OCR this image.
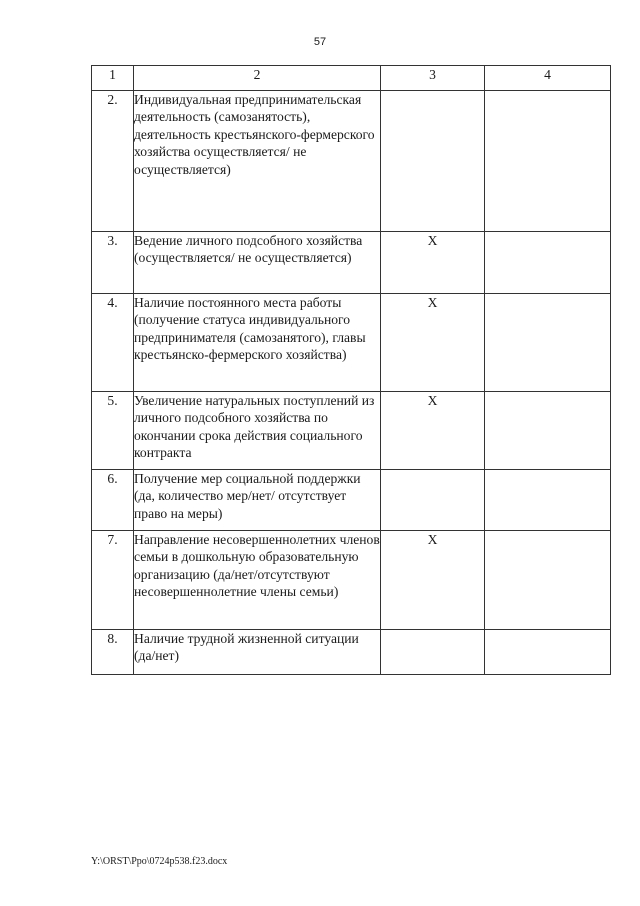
57
1	2	3	4
2.	Индивидуальная предпринимательская деятельность (самозанятость), деятельность крестьянского-фермерского хозяйства осуществляется/ не осуществляется)		
3.	Ведение личного подсобного хозяйства (осуществляется/ не осуществляется)	X	
4.	Наличие постоянного места работы (получение статуса индивидуального предпринимателя (самозанятого), главы крестьянско-фермерского хозяйства)	X	
5.	Увеличение натуральных поступлений из личного подсобного хозяйства по окончании срока действия социального контракта	X	
6.	Получение мер социальной поддержки (да, количество мер/нет/ отсутствует право на меры)		
7.	Направление несовершеннолетних членов семьи в дошкольную образовательную организацию (да/нет/отсутствуют несовершеннолетние члены семьи)	X	
8.	Наличие трудной жизненной ситуации (да/нет)		
Y:\ORST\Ppo\0724p538.f23.docx
